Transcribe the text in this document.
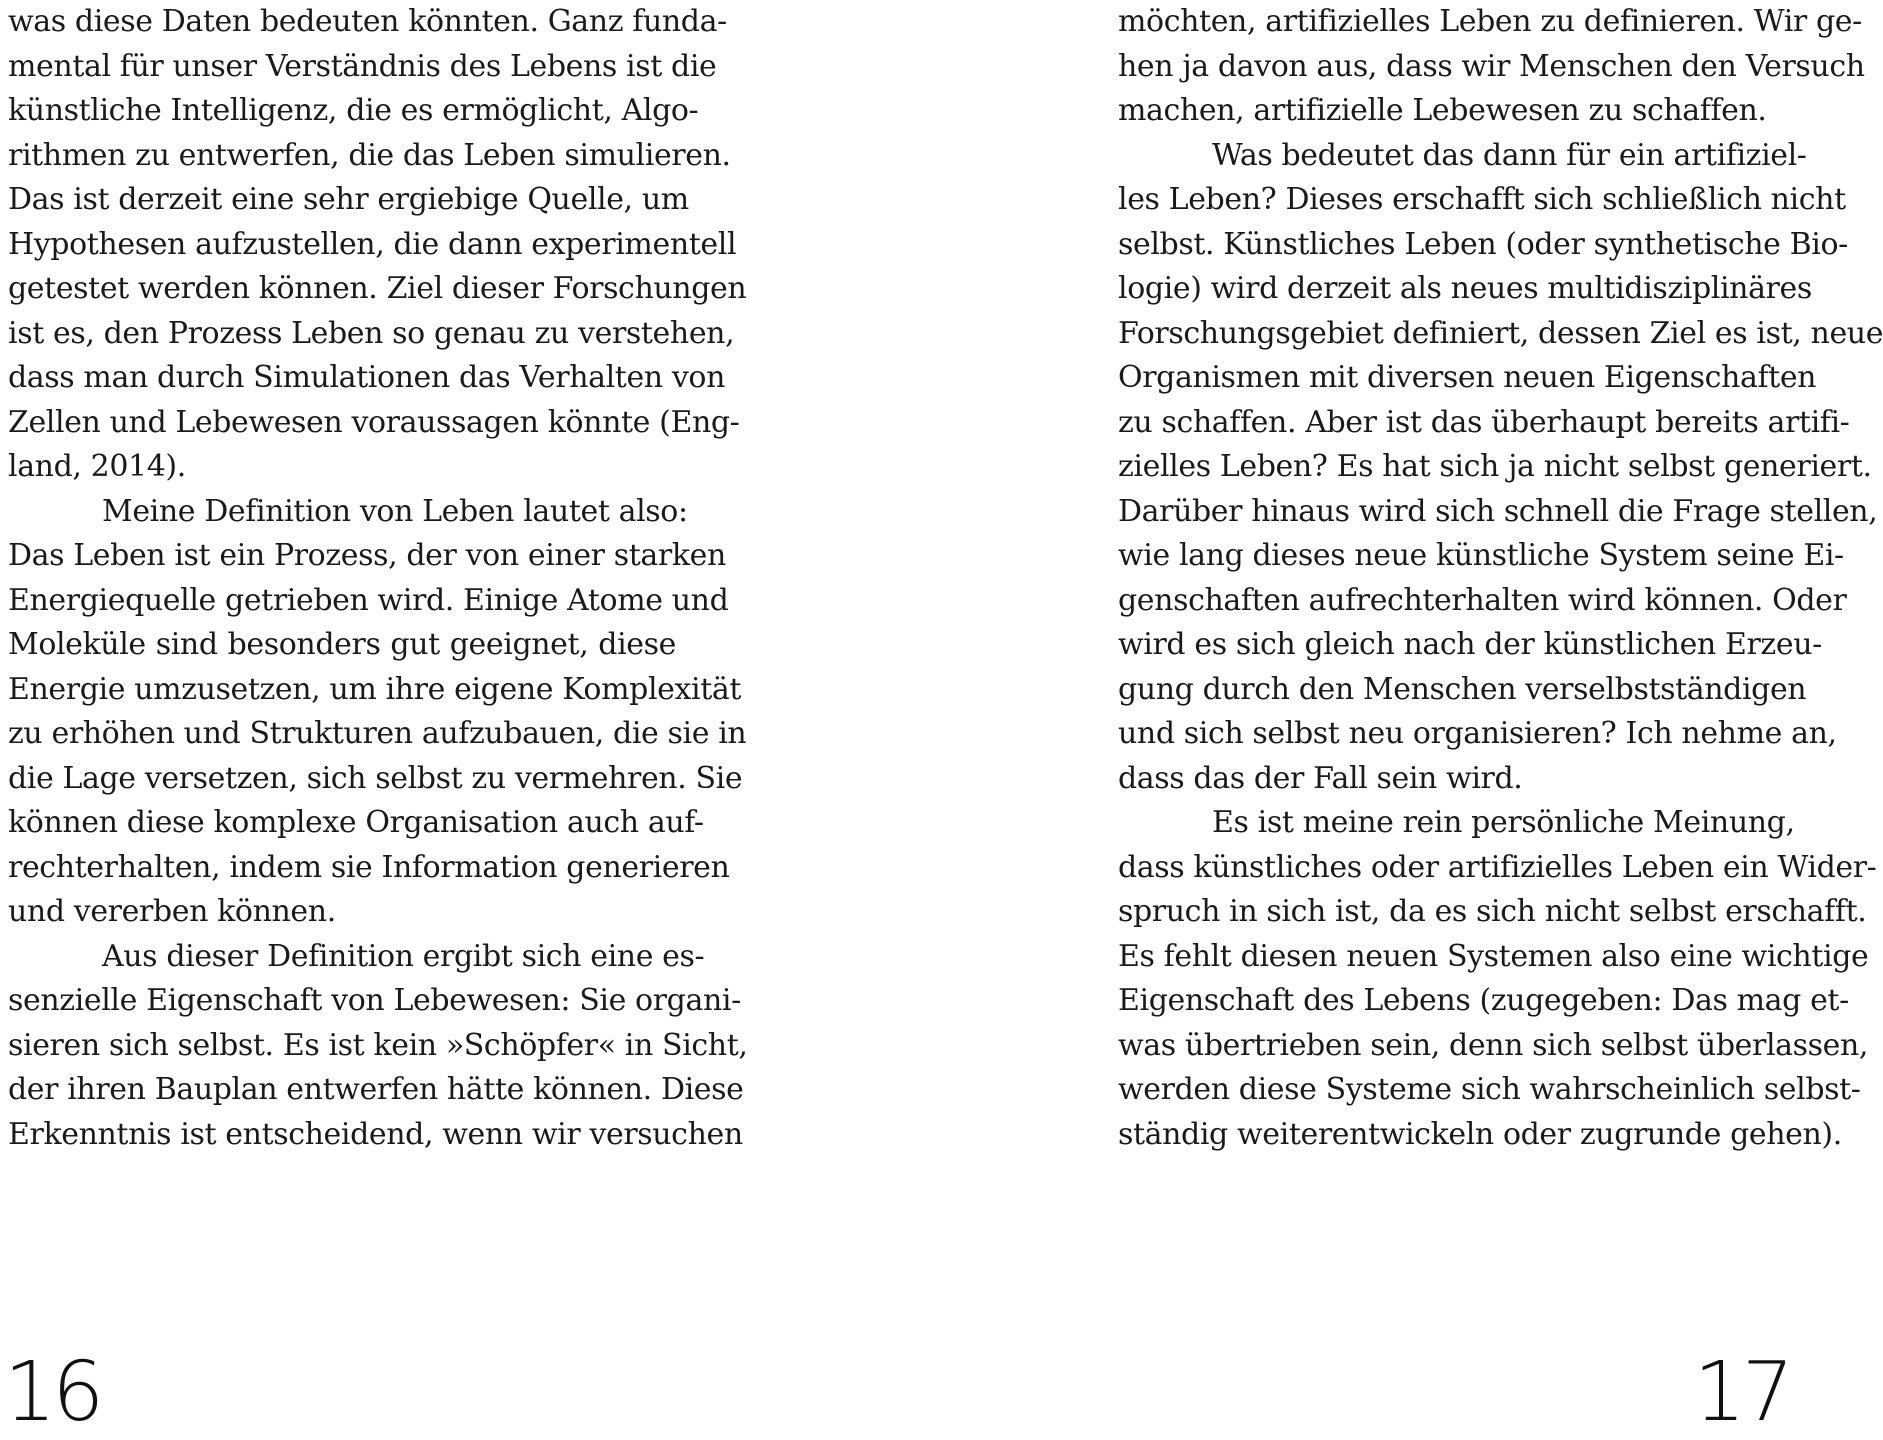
was diese Daten bedeuten könnten. Ganz funda-
mental für unser Verständnis des Lebens ist die
künstliche Intelligenz, die es ermöglicht, Algo-
rithmen zu entwerfen, die das Leben simulieren.
Das ist derzeit eine sehr ergiebige Quelle, um
Hypothesen aufzustellen, die dann experimentell
getestet werden können. Ziel dieser Forschungen
ist es, den Prozess Leben so genau zu verstehen,
dass man durch Simulationen das Verhalten von
Zellen und Lebewesen voraussagen könnte (Eng-
land, 2014).
Meine Definition von Leben lautet also:
Das Leben ist ein Prozess, der von einer starken
Energiequelle getrieben wird. Einige Atome und
Moleküle sind besonders gut geeignet, diese
Energie umzusetzen, um ihre eigene Komplexität
zu erhöhen und Strukturen aufzubauen, die sie in
die Lage versetzen, sich selbst zu vermehren. Sie
können diese komplexe Organisation auch auf-
rechterhalten, indem sie Information generieren
und vererben können.
Aus dieser Definition ergibt sich eine es-
senzielle Eigenschaft von Lebewesen: Sie organi-
sieren sich selbst. Es ist kein »Schöpfer« in Sicht,
der ihren Bauplan entwerfen hätte können. Diese
Erkenntnis ist entscheidend, wenn wir versuchen
16
möchten, artifizielles Leben zu definieren. Wir ge-
hen ja davon aus, dass wir Menschen den Versuch
machen, artifizielle Lebewesen zu schaffen.
Was bedeutet das dann für ein artifiziel-
les Leben? Dieses erschafft sich schließlich nicht
selbst. Künstliches Leben (oder synthetische Bio-
logie) wird derzeit als neues multidisziplinäres
Forschungsgebiet definiert, dessen Ziel es ist, neue
Organismen mit diversen neuen Eigenschaften
zu schaffen. Aber ist das überhaupt bereits artifi-
zielles Leben? Es hat sich ja nicht selbst generiert.
Darüber hinaus wird sich schnell die Frage stellen,
wie lang dieses neue künstliche System seine Ei-
genschaften aufrechterhalten wird können. Oder
wird es sich gleich nach der künstlichen Erzeu-
gung durch den Menschen verselbstständigen
und sich selbst neu organisieren? Ich nehme an,
dass das der Fall sein wird.
Es ist meine rein persönliche Meinung,
dass künstliches oder artifizielles Leben ein Wider-
spruch in sich ist, da es sich nicht selbst erschafft.
Es fehlt diesen neuen Systemen also eine wichtige
Eigenschaft des Lebens (zugegeben: Das mag et-
was übertrieben sein, denn sich selbst überlassen,
werden diese Systeme sich wahrscheinlich selbst-
ständig weiterentwickeln oder zugrunde gehen).
17
